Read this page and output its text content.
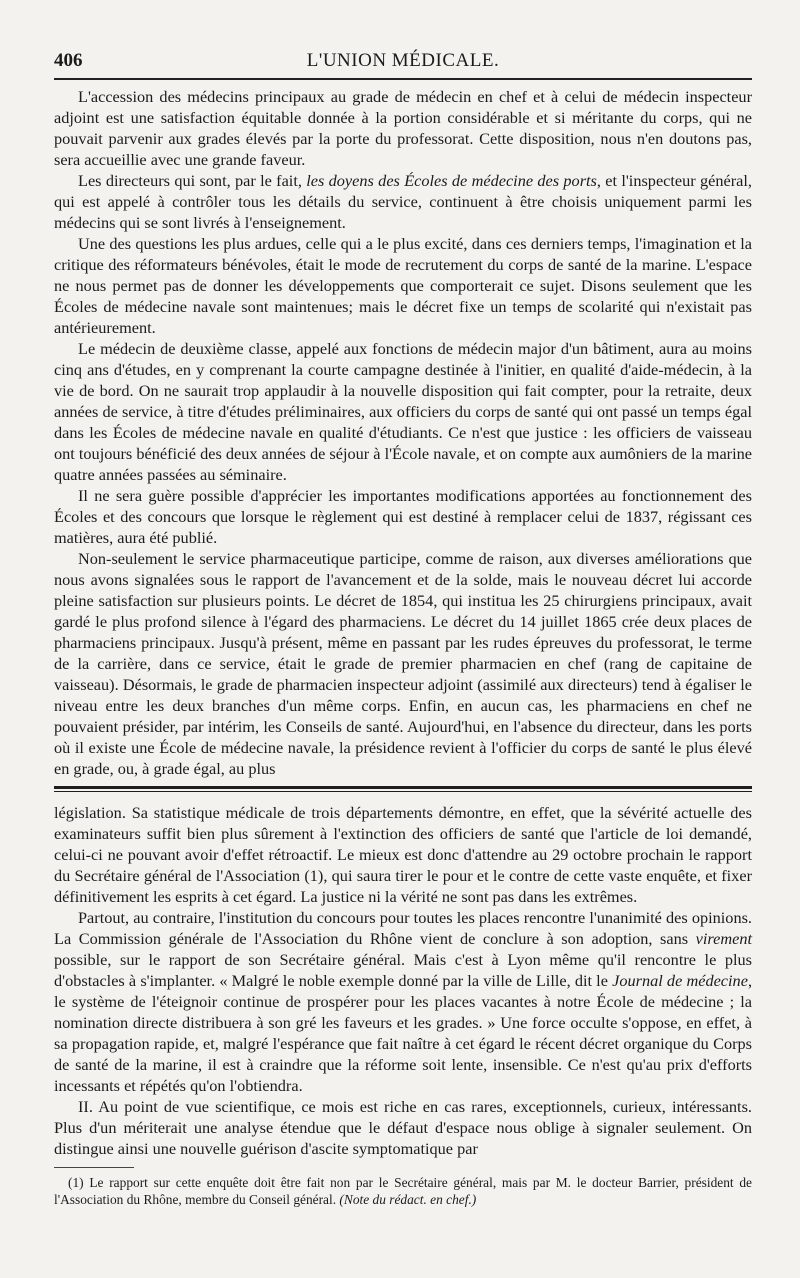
406	L'UNION MÉDICALE.

L'accession des médecins principaux au grade de médecin en chef et à celui de médecin inspecteur adjoint est une satisfaction équitable donnée à la portion considérable et si méritante du corps, qui ne pouvait parvenir aux grades élevés par la porte du professorat. Cette disposition, nous n'en doutons pas, sera accueillie avec une grande faveur.

Les directeurs qui sont, par le fait, les doyens des Écoles de médecine des ports, et l'inspecteur général, qui est appelé à contrôler tous les détails du service, continuent à être choisis uniquement parmi les médecins qui se sont livrés à l'enseignement.

Une des questions les plus ardues, celle qui a le plus excité, dans ces derniers temps, l'imagination et la critique des réformateurs bénévoles, était le mode de recrutement du corps de santé de la marine. L'espace ne nous permet pas de donner les développements que comporterait ce sujet. Disons seulement que les Écoles de médecine navale sont maintenues; mais le décret fixe un temps de scolarité qui n'existait pas antérieurement.

Le médecin de deuxième classe, appelé aux fonctions de médecin major d'un bâtiment, aura au moins cinq ans d'études, en y comprenant la courte campagne destinée à l'initier, en qualité d'aide-médecin, à la vie de bord. On ne saurait trop applaudir à la nouvelle disposition qui fait compter, pour la retraite, deux années de service, à titre d'études préliminaires, aux officiers du corps de santé qui ont passé un temps égal dans les Écoles de médecine navale en qualité d'étudiants. Ce n'est que justice : les officiers de vaisseau ont toujours bénéficié des deux années de séjour à l'École navale, et on compte aux aumôniers de la marine quatre années passées au séminaire.

Il ne sera guère possible d'apprécier les importantes modifications apportées au fonctionnement des Écoles et des concours que lorsque le règlement qui est destiné à remplacer celui de 1837, régissant ces matières, aura été publié.

Non-seulement le service pharmaceutique participe, comme de raison, aux diverses améliorations que nous avons signalées sous le rapport de l'avancement et de la solde, mais le nouveau décret lui accorde pleine satisfaction sur plusieurs points. Le décret de 1854, qui institua les 25 chirurgiens principaux, avait gardé le plus profond silence à l'égard des pharmaciens. Le décret du 14 juillet 1865 crée deux places de pharmaciens principaux. Jusqu'à présent, même en passant par les rudes épreuves du professorat, le terme de la carrière, dans ce service, était le grade de premier pharmacien en chef (rang de capitaine de vaisseau). Désormais, le grade de pharmacien inspecteur adjoint (assimilé aux directeurs) tend à égaliser le niveau entre les deux branches d'un même corps. Enfin, en aucun cas, les pharmaciens en chef ne pouvaient présider, par intérim, les Conseils de santé. Aujourd'hui, en l'absence du directeur, dans les ports où il existe une École de médecine navale, la présidence revient à l'officier du corps de santé le plus élevé en grade, ou, à grade égal, au plus

législation. Sa statistique médicale de trois départements démontre, en effet, que la sévérité actuelle des examinateurs suffit bien plus sûrement à l'extinction des officiers de santé que l'article de loi demandé, celui-ci ne pouvant avoir d'effet rétroactif. Le mieux est donc d'attendre au 29 octobre prochain le rapport du Secrétaire général de l'Association (1), qui saura tirer le pour et le contre de cette vaste enquête, et fixer définitivement les esprits à cet égard. La justice ni la vérité ne sont pas dans les extrêmes.

Partout, au contraire, l'institution du concours pour toutes les places rencontre l'unanimité des opinions. La Commission générale de l'Association du Rhône vient de conclure à son adoption, sans virement possible, sur le rapport de son Secrétaire général. Mais c'est à Lyon même qu'il rencontre le plus d'obstacles à s'implanter. « Malgré le noble exemple donné par la ville de Lille, dit le Journal de médecine, le système de l'éteignoir continue de prospérer pour les places vacantes à notre École de médecine ; la nomination directe distribuera à son gré les faveurs et les grades. » Une force occulte s'oppose, en effet, à sa propagation rapide, et, malgré l'espérance que fait naître à cet égard le récent décret organique du Corps de santé de la marine, il est à craindre que la réforme soit lente, insensible. Ce n'est qu'au prix d'efforts incessants et répétés qu'on l'obtiendra.

II. Au point de vue scientifique, ce mois est riche en cas rares, exceptionnels, curieux, intéressants. Plus d'un mériterait une analyse étendue que le défaut d'espace nous oblige à signaler seulement. On distingue ainsi une nouvelle guérison d'ascite symptomatique par

(1) Le rapport sur cette enquête doit être fait non par le Secrétaire général, mais par M. le docteur Barrier, président de l'Association du Rhône, membre du Conseil général. (Note du rédact. en chef.)
